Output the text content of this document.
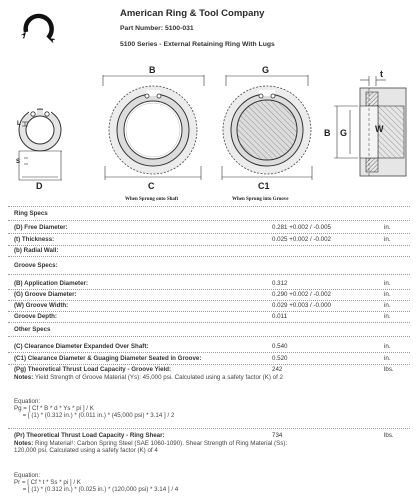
American Ring & Tool Company
Part Number: 5100-031
5100 Series - External Retaining Ring With Lugs
L
S
D
B
C
When Sprung onto Shaft
G
C1
When Sprung into Groove
t
B G	W
Ring Specs
(D) Free Diameter:	0.281 +0.002 / -0.005	in.
(t) Thickness:	0.025 +0.002 / -0.002	in.
(b) Radial Wall:
Groove Specs:
(B) Application Diameter:	0.312	in.
(G) Groove Diameter:	0.290 +0.002 / -0.002	in.
(W) Groove Width:	0.029 +0.003 / -0.000	in.
Groove Depth:	0.011	in.
Other Specs
(C) Clearance Diameter Expanded Over Shaft:	0.540	in.
(C1) Clearance Diameter & Guaging Diameter Seated in Groove:	0.520	in.
(Pg) Theoretical Thrust Load Capacity - Groove Yield:	242	lbs.
Notes: Yield Strength of Groove Material (Ys): 45,000 psi. Calculated using a safety factor (K) of 2
Equation:
Pg = [ Cf * B * d * Ys * pi ] / K
= [ (1) * (0.312 in.) * (0.011 in.) * (45,000 psi) * 3.14 ] / 2
(Pr) Theoretical Thrust Load Capacity - Ring Shear:	734	lbs.
Notes: Ring Material¹: Carbon Spring Steel (SAE 1060-1090). Shear Strength of Ring Material (Ss): 120,000 psi. Calculated using a safety factor (K) of 4
Equation:
Pr = [ Cf * t * Ss * pi ] / K
= [ (1) * (0.312 in.) * (0.025 in.) * (120,000 psi) * 3.14 ] / 4
